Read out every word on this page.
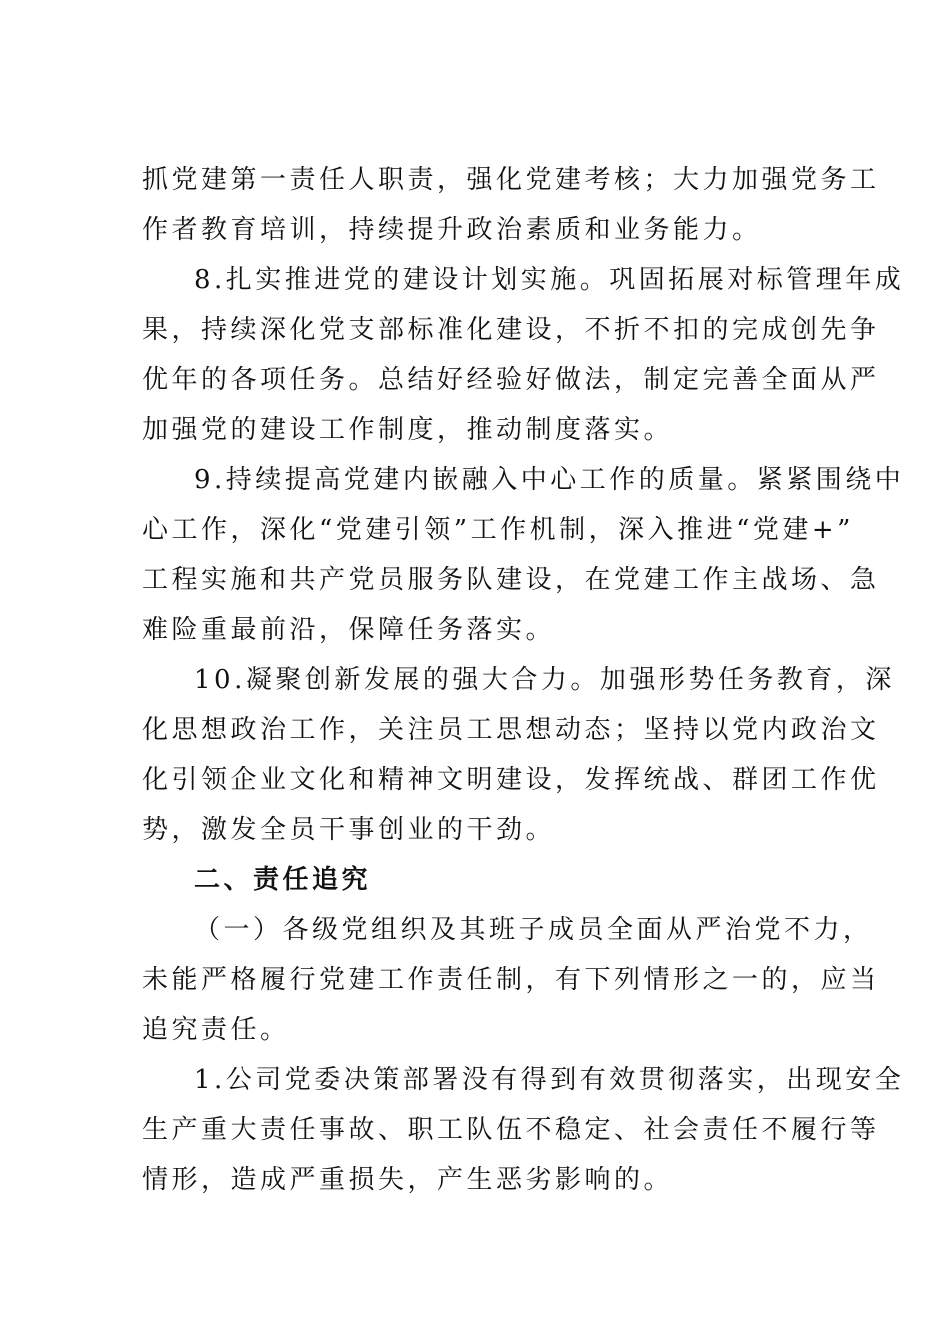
抓党建第一责任人职责，强化党建考核；大力加强党务工
作者教育培训，持续提升政治素质和业务能力。
8.扎实推进党的建设计划实施。巩固拓展对标管理年成
果，持续深化党支部标准化建设，不折不扣的完成创先争
优年的各项任务。总结好经验好做法，制定完善全面从严
加强党的建设工作制度，推动制度落实。
9.持续提高党建内嵌融入中心工作的质量。紧紧围绕中
心工作，深化“党建引领”工作机制，深入推进“党建+”
工程实施和共产党员服务队建设，在党建工作主战场、急
难险重最前沿，保障任务落实。
10.凝聚创新发展的强大合力。加强形势任务教育，深
化思想政治工作，关注员工思想动态；坚持以党内政治文
化引领企业文化和精神文明建设，发挥统战、群团工作优
势，激发全员干事创业的干劲。
二、责任追究
（一）各级党组织及其班子成员全面从严治党不力，
未能严格履行党建工作责任制，有下列情形之一的，应当
追究责任。
1.公司党委决策部署没有得到有效贯彻落实，出现安全
生产重大责任事故、职工队伍不稳定、社会责任不履行等
情形，造成严重损失，产生恶劣影响的。
